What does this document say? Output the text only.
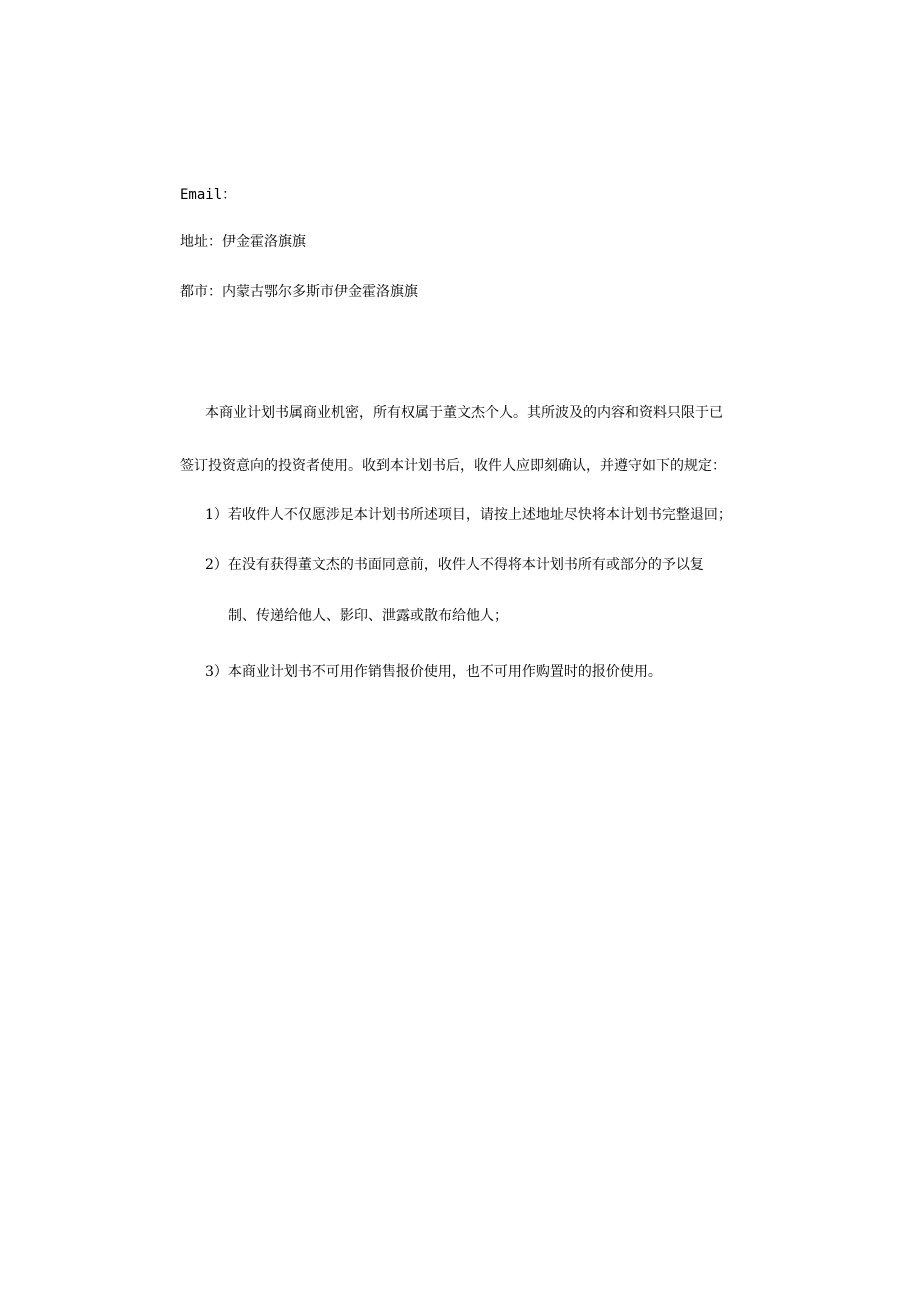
Email：
地址：伊金霍洛旗旗
都市：内蒙古鄂尔多斯市伊金霍洛旗旗
本商业计划书属商业机密，所有权属于董文杰个人。其所波及的内容和资料只限于已
签订投资意向的投资者使用。收到本计划书后，收件人应即刻确认，并遵守如下的规定：
1）若收件人不仅愿涉足本计划书所述项目，请按上述地址尽快将本计划书完整退回；
2）在没有获得董文杰的书面同意前，收件人不得将本计划书所有或部分的予以复
制、传递给他人、影印、泄露或散布给他人；
3）本商业计划书不可用作销售报价使用，也不可用作购置时的报价使用。
